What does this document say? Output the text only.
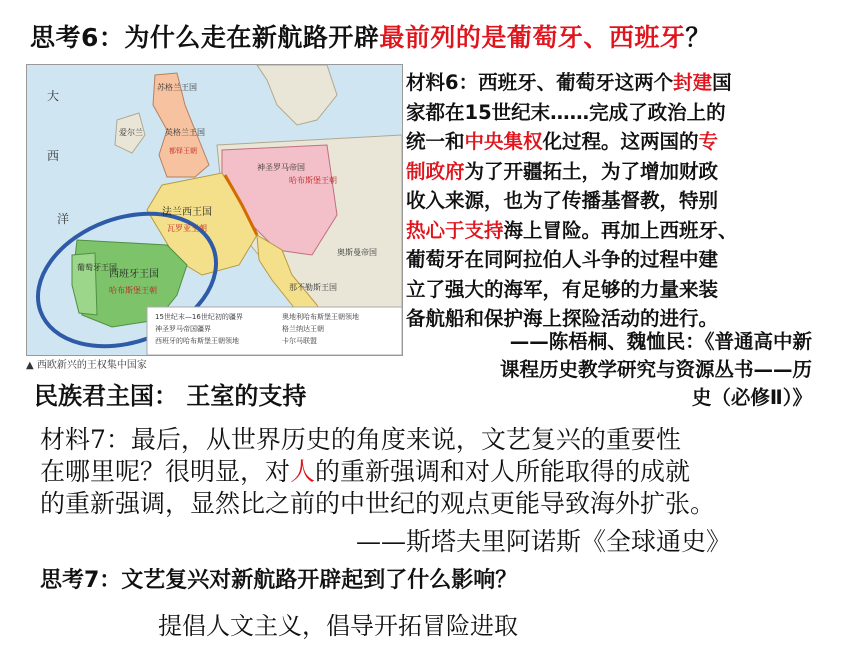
思考6：为什么走在新航路开辟最前列的是葡萄牙、西班牙？
大
西
洋
苏格兰王国
爱尔兰	英格兰王国
都铎王朝
法兰西王国
瓦罗亚王朝
哈布斯堡王朝
神圣罗马帝国
西班牙王国
哈布斯堡王朝
葡萄牙王国
那不勒斯王国
奥斯曼帝国
15世纪末—16世纪初的疆界
神圣罗马帝国疆界
西班牙的哈布斯堡王朝领地
奥地利哈布斯堡王朝领地
格兰纳达王朝
卡尔马联盟
▲ 西欧新兴的王权集中国家

材料6：西班牙、葡萄牙这两个封建国

家都在15世纪末……完成了政治上的

统一和中央集权化过程。这两国的专

制政府为了开疆拓土，为了增加财政

收入来源，也为了传播基督教，特别

热心于支持海上冒险。再加上西班牙、

葡萄牙在同阿拉伯人斗争的过程中建

立了强大的海军，有足够的力量来装

备航船和保护海上探险活动的进行。

——陈梧桐、魏恤民：《普通高中新

课程历史教学研究与资源丛书——历

史（必修Ⅱ）》

民族君主国： 王室的支持

材料7：最后，从世界历史的角度来说，文艺复兴的重要性

在哪里呢？很明显，对人的重新强调和对人所能取得的成就

的重新强调，显然比之前的中世纪的观点更能导致海外扩张。

——斯塔夫里阿诺斯《全球通史》
思考7：文艺复兴对新航路开辟起到了什么影响？
提倡人文主义，倡导开拓冒险进取
